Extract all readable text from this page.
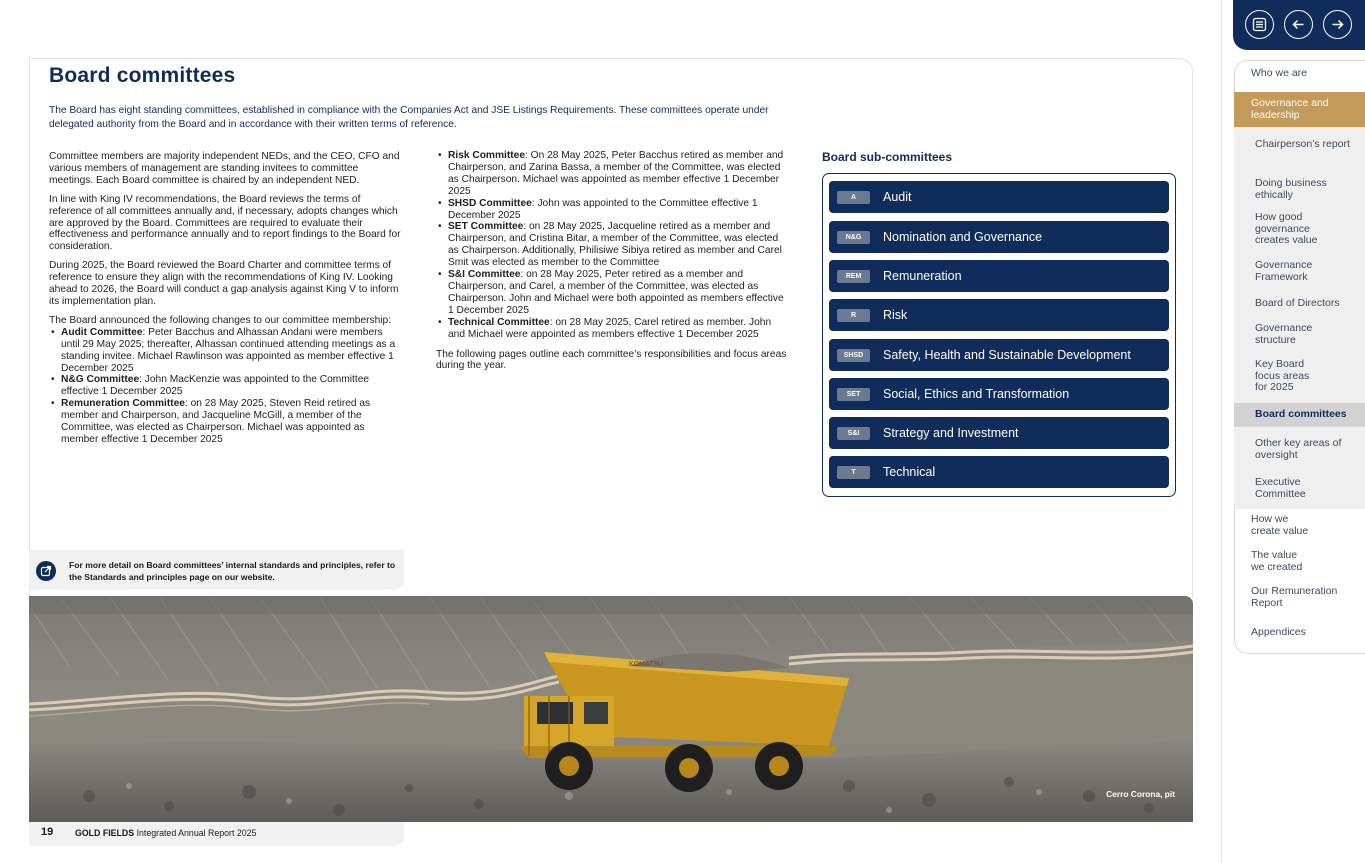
Board committees

The Board has eight standing committees, established in compliance with the Companies Act and JSE Listings Requirements. These committees operate under delegated authority from the Board and in accordance with their written terms of reference.

Committee members are majority independent NEDs, and the CEO, CFO and various members of management are standing invitees to committee meetings. Each Board committee is chaired by an independent NED.

In line with King IV recommendations, the Board reviews the terms of reference of all committees annually and, if necessary, adopts changes which are approved by the Board. Committees are required to evaluate their effectiveness and performance annually and to report findings to the Board for consideration.

During 2025, the Board reviewed the Board Charter and committee terms of reference to ensure they align with the recommendations of King IV. Looking ahead to 2026, the Board will conduct a gap analysis against King V to inform its implementation plan.

The Board announced the following changes to our committee membership:

• Audit Committee: Peter Bacchus and Alhassan Andani were members until 29 May 2025; thereafter, Alhassan continued attending meetings as a standing invitee. Michael Rawlinson was appointed as member effective 1 December 2025
• N&G Committee: John MacKenzie was appointed to the Committee effective 1 December 2025
• Remuneration Committee: on 28 May 2025, Steven Reid retired as member and Chairperson, and Jacqueline McGill, a member of the Committee, was elected as Chairperson. Michael was appointed as member effective 1 December 2025
• Risk Committee: On 28 May 2025, Peter Bacchus retired as member and Chairperson, and Zarina Bassa, a member of the Committee, was elected as Chairperson. Michael was appointed as member effective 1 December 2025
• SHSD Committee: John was appointed to the Committee effective 1 December 2025
• SET Committee: on 28 May 2025, Jacqueline retired as a member and Chairperson, and Cristina Bitar, a member of the Committee, was elected as Chairperson. Additionally, Philisiwe Sibiya retired as member and Carel Smit was elected as member to the Committee
• S&I Committee: on 28 May 2025, Peter retired as a member and Chairperson, and Carel, a member of the Committee, was elected as Chairperson. John and Michael were both appointed as members effective 1 December 2025
• Technical Committee: on 28 May 2025, Carel retired as member. John and Michael were appointed as members effective 1 December 2025

The following pages outline each committee’s responsibilities and focus areas during the year.

For more detail on Board committees’ internal standards and principles, refer to the Standards and principles page on our website.

Board sub-committees
A	Audit
N&G	Nomination and Governance
REM	Remuneration
R	Risk
SHSD	Safety, Health and Sustainable Development
SET	Social, Ethics and Transformation
S&I	Strategy and Investment
T	Technical
KOMATSU

Cerro Corona, pit

19 GOLD FIELDS Integrated Annual Report 2025
Who we are
Governance and leadership
Chairperson’s report
Doing business ethically
How good governance creates value
Governance Framework
Board of Directors
Governance structure
Key Board focus areas for 2025
Board committees
Other key areas of oversight
Executive Committee
How we create value
The value we created
Our Remuneration Report
Appendices
